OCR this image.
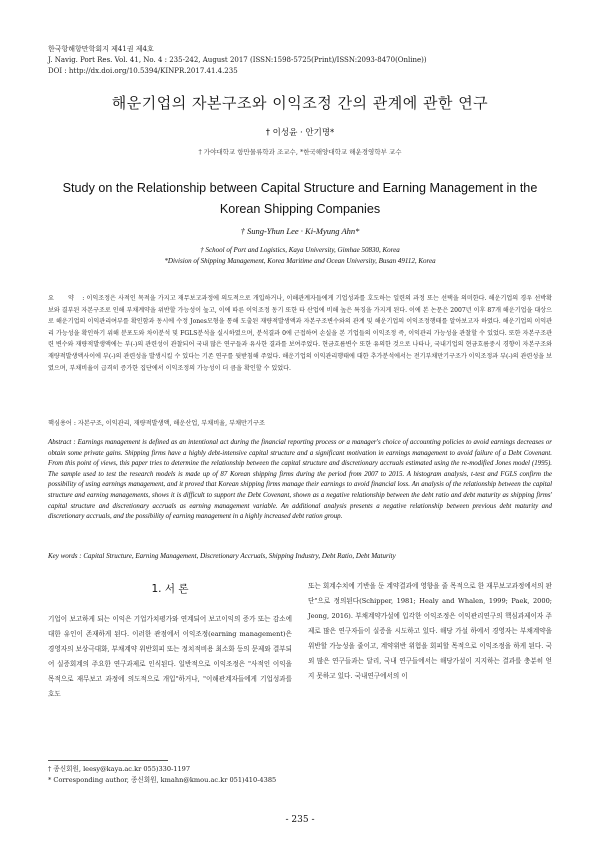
한국항해항만학회지 제41권 제4호
J. Navig. Port Res. Vol. 41, No. 4 : 235-242, August 2017 (ISSN:1598-5725(Print)/ISSN:2093-8470(Online))
DOI : http://dx.doi.org/10.5394/KINPR.2017.41.4.235
해운기업의 자본구조와 이익조정 간의 관계에 관한 연구
† 이성윤 · 안기명*
† 가야대학교 항만물류학과 조교수, *한국해양대학교 해운경영학부 교수
Study on the Relationship between Capital Structure and Earning Management in the Korean Shipping Companies
† Sung-Yhun Lee · Ki-Myung Ahn*
† School of Port and Logistics, Kaya University, Gimhae 50830, Korea
*Division of Shipping Management, Korea Maritime and Ocean University, Busan 49112, Korea
요 약 : 이익조정은 사적인 목적을 가지고 재무보고과정에 의도적으로 개입하거나, 이해관계자들에게 기업성과를 호도하는 일련의 과정 또는 선택을 의미한다. 해운기업의 경우 선박확보와 결부된 자본구조로 인해 부채계약을 위반할 가능성이 높고, 이에 따른 이익조정 동기 또한 타 산업에 비해 높은 특징을 가지게 된다. 이에 본 논문은 2007년 이후 87개 해운기업을 대상으로 해운기업의 이익관리여부를 확인함과 동시에 수정 Jones모형을 통해 도출된 재량적발생액과 자본구조변수와의 관계 및 해운기업의 이익조정행태를 알아보고자 하였다. 해운기업의 이익관리 가능성을 확인하기 위해 분포도와 차이분석 및 FGLS분석을 실시하였으며, 분석결과 0에 근접하여 손실을 본 기업들의 이익조정 즉, 이익관리 가능성을 관찰할 수 있었다. 또한 자본구조관련 변수와 재량적발생액에는 부(-)의 관련성이 관찰되어 국내 많은 연구들과 유사한 결과를 보여주었다. 현금흐름변수 또한 유의한 것으로 나타나, 국내기업의 현금흐름중시 경향이 자본구조와 재량적발생액사이에 부(-)의 관련성을 발생시킬 수 있다는 기존 연구를 뒷받침해 주었다. 해운기업의 이익관리행태에 대한 추가분석에서는 전기부채만기구조가 이익조정과 부(-)의 관련성을 보였으며, 부채비율이 급격히 증가한 집단에서 이익조정의 가능성이 더 큼을 확인할 수 있었다.
핵심용어 : 자본구조, 이익관리, 재량적발생액, 해운산업, 부채비율, 부채만기구조
Abstract : Earnings management is defined as an intentional act during the financial reporting process or a manager's choice of accounting policies to avoid earnings decreases or obtain some private gains. Shipping firms have a highly debt-intensive capital structure and a significant motivation in earnings management to avoid failure of a Debt Covenant. From this point of views, this paper tries to determine the relationship between the capital structure and discretionary accruals estimated using the re-modified Jones model (1995). The sample used to test the research models is made up of 87 Korean shipping firms during the period from 2007 to 2015. A histogram analysis, t-test and FGLS confirm the possibility of using earnings management, and it proved that Korean shipping firms manage their earnings to avoid financial loss. An analysis of the relationship between the capital structure and earning managements, shows it is difficult to support the Debt Covenant, shown as a negative relationship between the debt ratio and debt maturity as shipping firms' capital structure and discretionary accruals as earning management variable. An additional analysis presents a negative relationship between previous debt maturity and discretionary accruals, and the possibility of earning management in a highly increased debt ration group.
Key words : Capital Structure, Earning Management, Discretionary Accruals, Shipping Industry, Debt Ratio, Debt Maturity
1. 서 론
기업이 보고하게 되는 이익은 기업가치평가와 연계되어 보고이익의 증가 또는 감소에 대한 유인이 존재하게 된다. 이러한 관점에서 이익조정(earning management)은 경영자의 보상극대화, 부채계약 위반회피 또는 정치적비용 최소화 등의 문제와 결부되어 실증회계의 주요한 연구과제로 인식된다. 일반적으로 이익조정은 "사적인 이익을 목적으로 재무보고 과정에 의도적으로 개입"하거나, "이해관계자들에게 기업성과를 호도
또는 회계수치에 기반을 둔 계약결과에 영향을 줄 목적으로 한 재무보고과정에서의 판단"으로 정의된다(Schipper, 1981; Healy and Whalen, 1999; Paek, 2000; Jeong, 2016). 부채계약가설에 입각한 이익조정은 이익관리연구의 핵심과제이자 주제로 많은 연구자들이 실증을 시도하고 있다. 해당 가설 하에서 경영자는 부채계약을 위반할 가능성을 줄이고, 계약위반 위험을 회피할 목적으로 이익조정을 하게 된다. 국외 많은 연구들과는 달리, 국내 연구들에서는 해당가설이 지지하는 결과를 충분히 얻지 못하고 있다. 국내연구에서의 이
† 종신회원, leesy@kaya.ac.kr 055)330-1197
* Corresponding author, 종신회원, kmahn@kmou.ac.kr 051)410-4385
- 235 -
